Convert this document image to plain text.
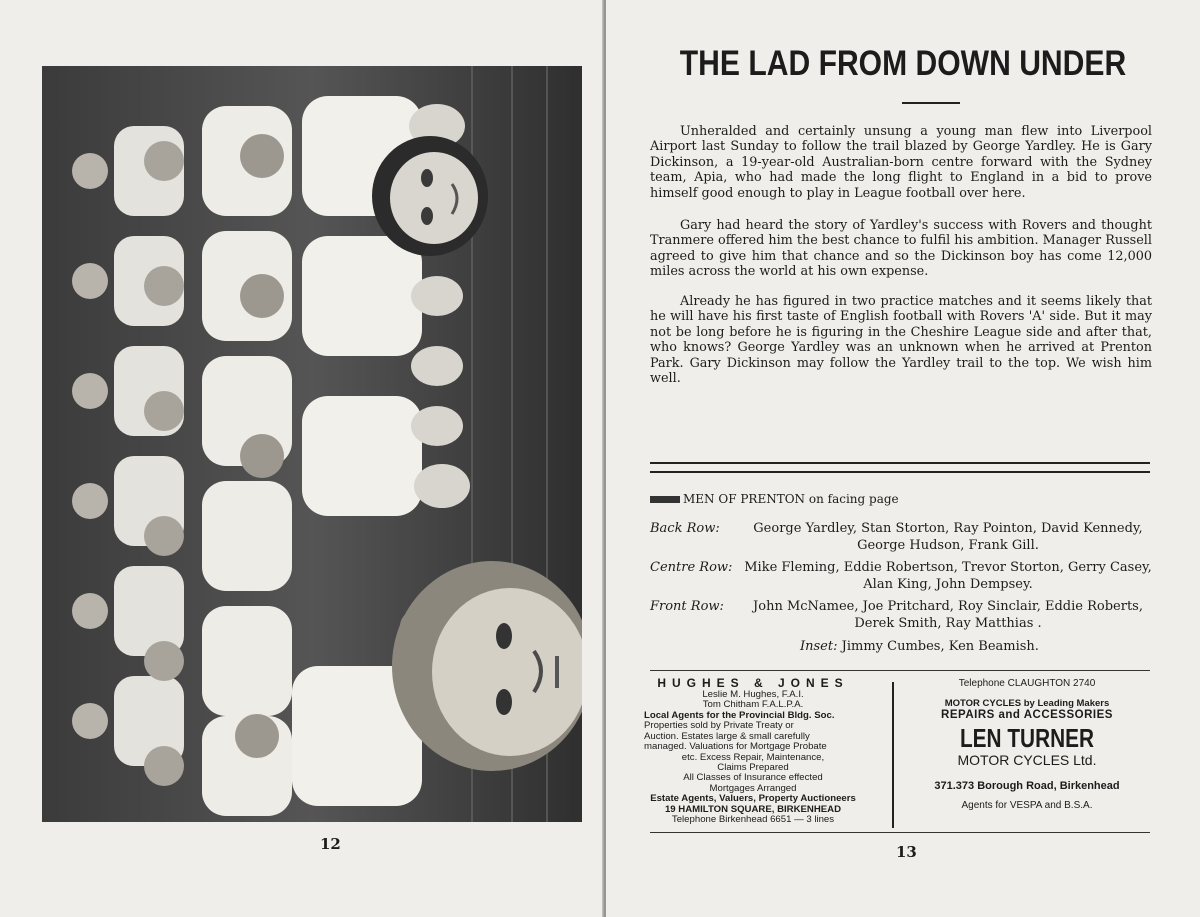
12
THE LAD FROM DOWN UNDER

Unheralded and certainly unsung a young man flew into Liverpool Airport last Sunday to follow the trail blazed by George Yardley. He is Gary Dickinson, a 19-year-old Australian-born centre forward with the Sydney team, Apia, who had made the long flight to England in a bid to prove himself good enough to play in League football over here.

Gary had heard the story of Yardley's success with Rovers and thought Tranmere offered him the best chance to fulfil his ambition. Manager Russell agreed to give him that chance and so the Dickinson boy has come 12,000 miles across the world at his own expense.

Already he has figured in two practice matches and it seems likely that he will have his first taste of English football with Rovers 'A' side. But it may not be long before he is figuring in the Cheshire League side and after that, who knows? George Yardley was an unknown when he arrived at Prenton Park. Gary Dickinson may follow the Yardley trail to the top. We wish him well.

MEN OF PRENTON on facing page
Back Row:	George Yardley, Stan Storton, Ray Pointon, David Kennedy,
George Hudson, Frank Gill.
Centre Row: Mike Fleming, Eddie Robertson, Trevor Storton, Gerry Casey,
Alan King, John Dempsey.
Front Row:	John McNamee, Joe Pritchard, Roy Sinclair, Eddie Roberts,
Derek Smith, Ray Matthias .
Inset: Jimmy Cumbes, Ken Beamish.
HUGHES & JONES
Leslie M. Hughes, F.A.I.
Tom Chitham F.A.L.P.A.
Local Agents for the Provincial Bldg. Soc.
Properties sold by Private Treaty or
Auction. Estates large & small carefully
managed. Valuations for Mortgage Probate
etc. Excess Repair, Maintenance,
Claims Prepared
All Classes of Insurance effected
Mortgages Arranged
Estate Agents, Valuers, Property Auctioneers
19 HAMILTON SQUARE, BIRKENHEAD
Telephone Birkenhead 6651 — 3 lines
Telephone CLAUGHTON 2740
MOTOR CYCLES by Leading Makers
REPAIRS and ACCESSORIES
LEN TURNER
MOTOR CYCLES Ltd.
371.373 Borough Road, Birkenhead
Agents for VESPA and B.S.A.
13
